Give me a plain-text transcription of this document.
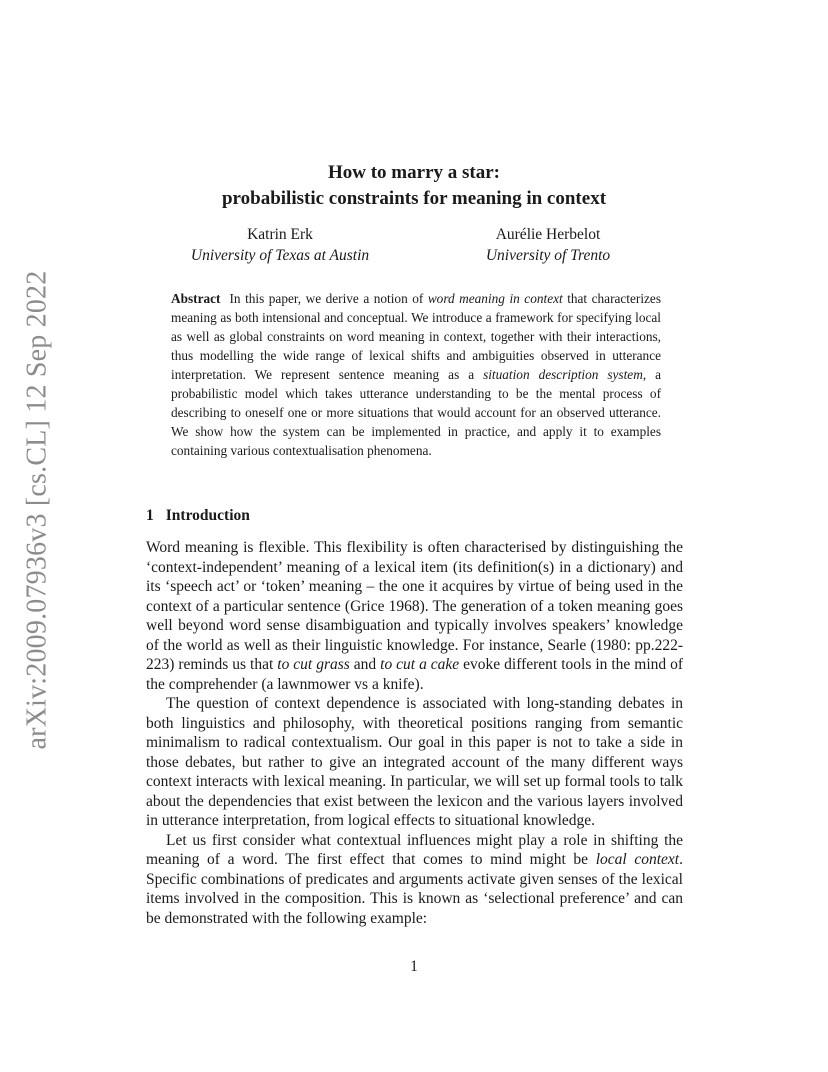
arXiv:2009.07936v3 [cs.CL] 12 Sep 2022
How to marry a star:
probabilistic constraints for meaning in context
Katrin Erk
University of Texas at Austin
Aurélie Herbelot
University of Trento

Abstract In this paper, we derive a notion of word meaning in context that characterizes meaning as both intensional and conceptual. We introduce a framework for specifying local as well as global constraints on word meaning in context, together with their interactions, thus modelling the wide range of lexical shifts and ambiguities observed in utterance interpretation. We represent sentence meaning as a situation description system, a probabilistic model which takes utterance understanding to be the mental process of describing to oneself one or more situations that would account for an observed utterance. We show how the system can be implemented in practice, and apply it to examples containing various contextualisation phenomena.

1 Introduction

Word meaning is flexible. This flexibility is often characterised by distinguishing the ‘context-independent’ meaning of a lexical item (its definition(s) in a dictionary) and its ‘speech act’ or ‘token’ meaning – the one it acquires by virtue of being used in the context of a particular sentence (Grice 1968). The generation of a token meaning goes well beyond word sense disambiguation and typically involves speakers’ knowledge of the world as well as their linguistic knowledge. For instance, Searle (1980: pp.222-223) reminds us that to cut grass and to cut a cake evoke different tools in the mind of the comprehender (a lawnmower vs a knife).

The question of context dependence is associated with long-standing debates in both linguistics and philosophy, with theoretical positions ranging from semantic minimalism to radical contextualism. Our goal in this paper is not to take a side in those debates, but rather to give an integrated account of the many different ways context interacts with lexical meaning. In particular, we will set up formal tools to talk about the dependencies that exist between the lexicon and the various layers involved in utterance interpretation, from logical effects to situational knowledge.

Let us first consider what contextual influences might play a role in shifting the meaning of a word. The first effect that comes to mind might be local context. Specific combinations of predicates and arguments activate given senses of the lexical items involved in the composition. This is known as ‘selectional preference’ and can be demonstrated with the following example:

1
